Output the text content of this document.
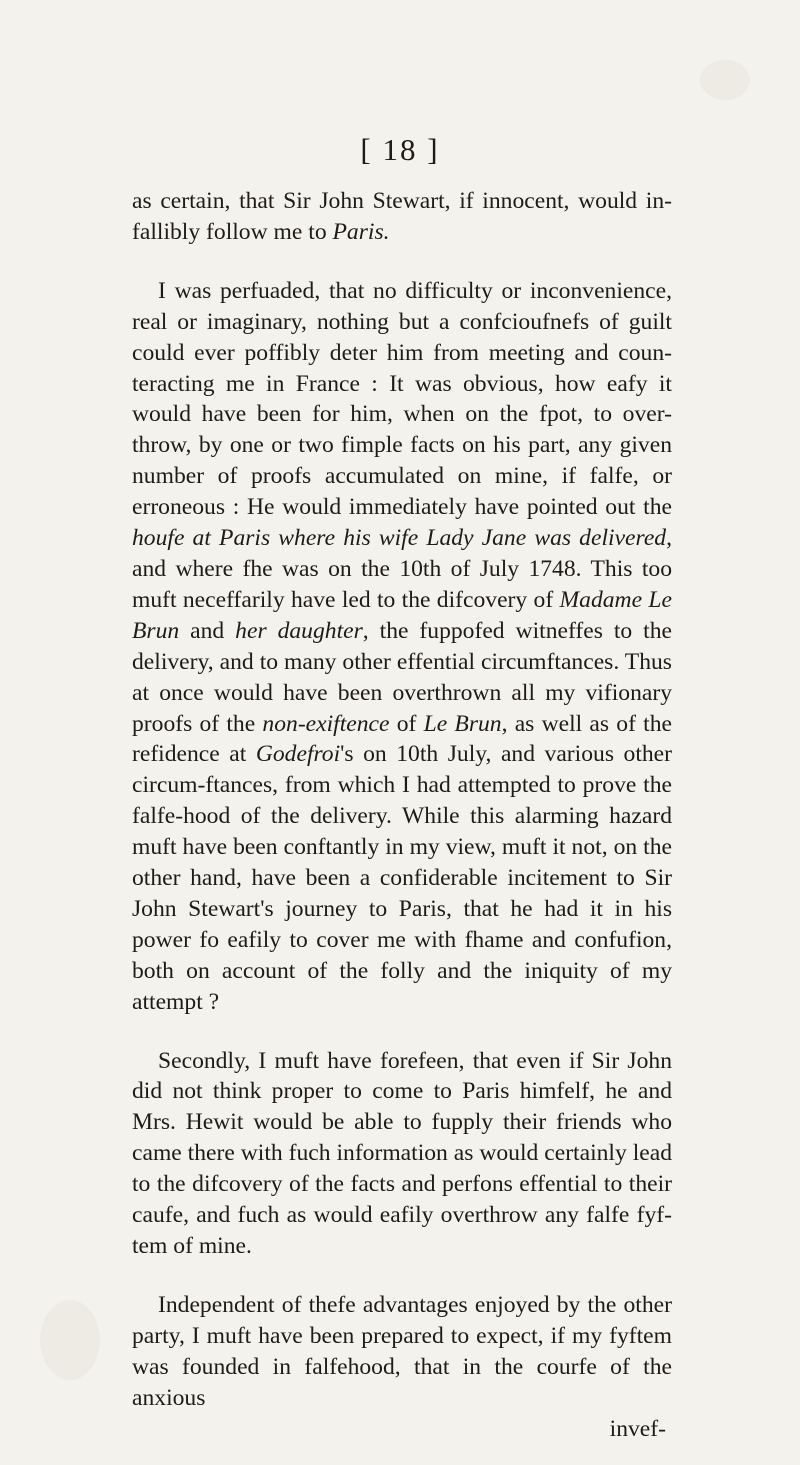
[ 18 ]

as certain, that Sir John Stewart, if innocent, would in-fallibly follow me to Paris.

I was perfuaded, that no difficulty or inconvenience, real or imaginary, nothing but a confcioufnefs of guilt could ever poffibly deter him from meeting and coun-teracting me in France : It was obvious, how eafy it would have been for him, when on the fpot, to over-throw, by one or two fimple facts on his part, any given number of proofs accumulated on mine, if falfe, or erroneous : He would immediately have pointed out the houfe at Paris where his wife Lady Jane was delivered, and where fhe was on the 10th of July 1748. This too muft neceffarily have led to the difcovery of Madame Le Brun and her daughter, the fuppofed witneffes to the delivery, and to many other effential circumftances. Thus at once would have been overthrown all my vifionary proofs of the non-exiftence of Le Brun, as well as of the refidence at Godefroi's on 10th July, and various other circum-ftances, from which I had attempted to prove the falfe-hood of the delivery. While this alarming hazard muft have been conftantly in my view, muft it not, on the other hand, have been a confiderable incitement to Sir John Stewart's journey to Paris, that he had it in his power fo eafily to cover me with fhame and confufion, both on account of the folly and the iniquity of my attempt ?

Secondly, I muft have forefeen, that even if Sir John did not think proper to come to Paris himfelf, he and Mrs. Hewit would be able to fupply their friends who came there with fuch information as would certainly lead to the difcovery of the facts and perfons effential to their caufe, and fuch as would eafily overthrow any falfe fyf-tem of mine.

Independent of thefe advantages enjoyed by the other party, I muft have been prepared to expect, if my fyftem was founded in falfehood, that in the courfe of the anxious

invef-
